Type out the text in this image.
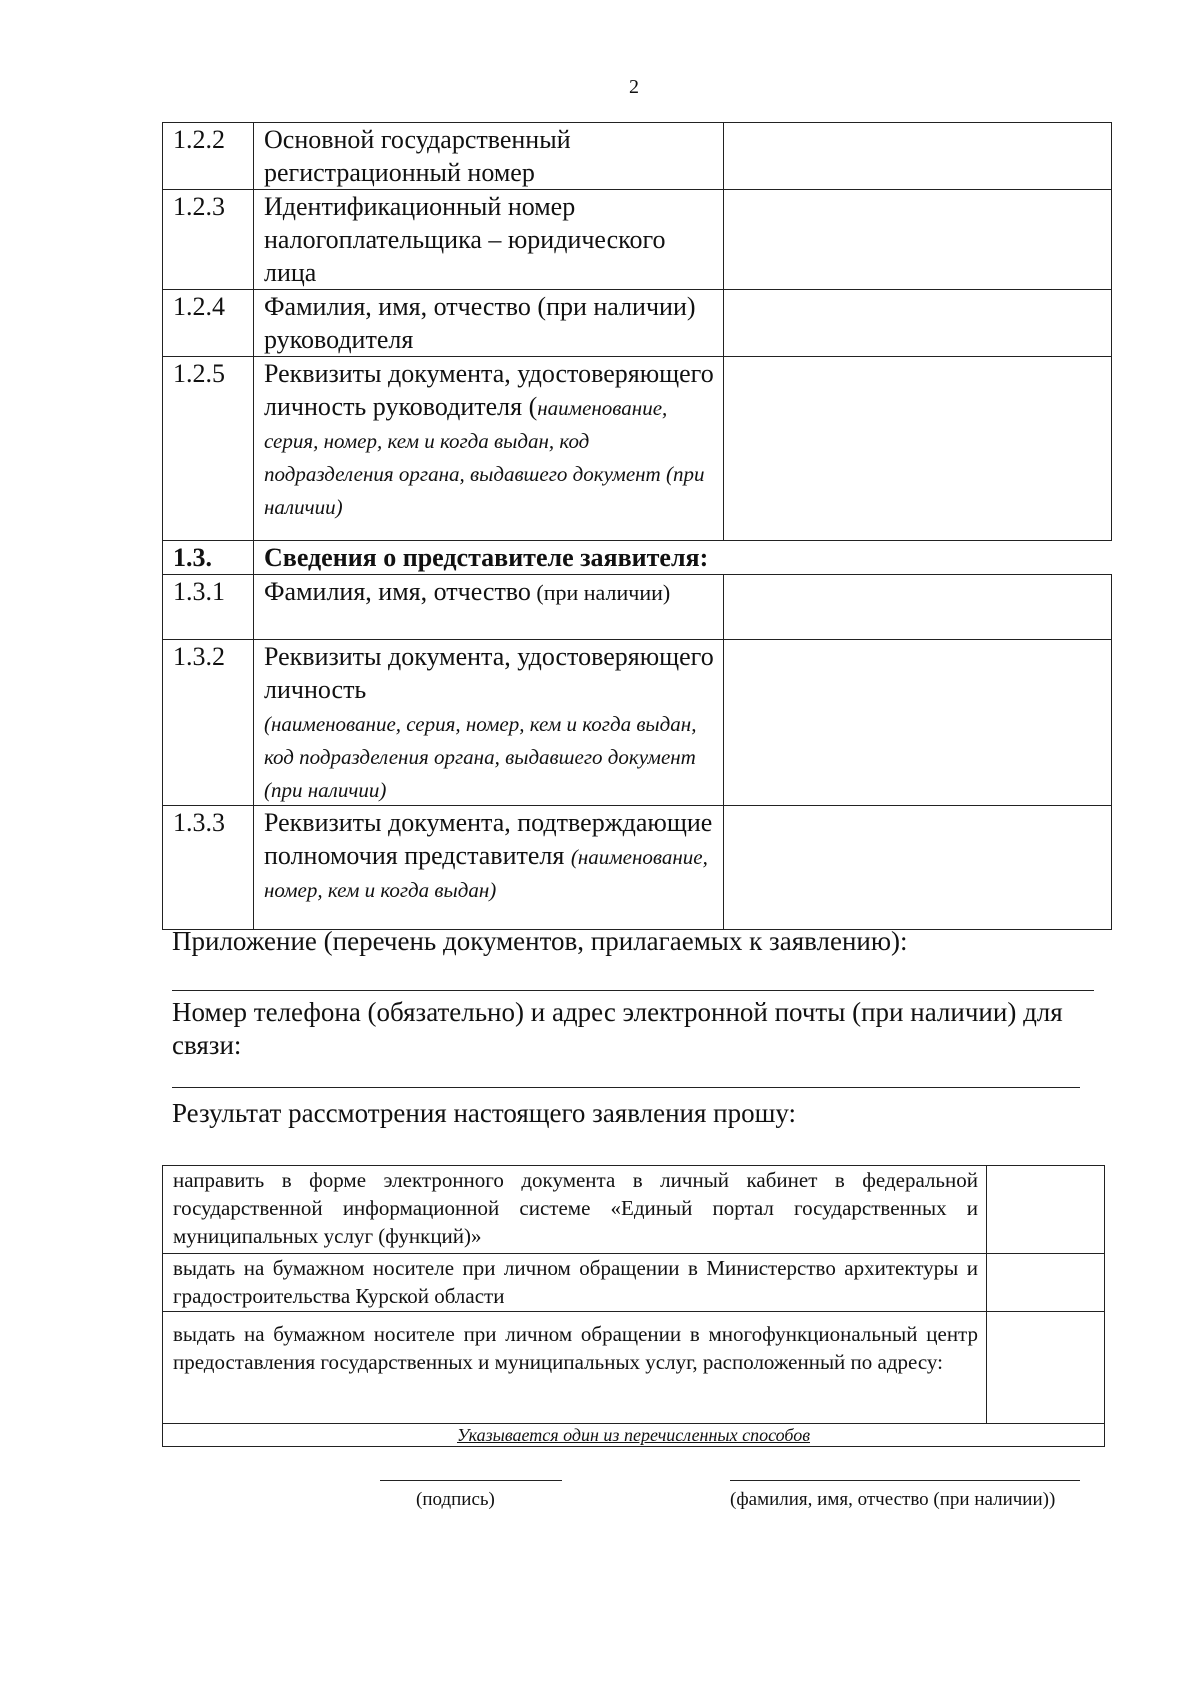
2
1.2.2	Основной государственный регистрационный номер	
1.2.3	Идентификационный номер налогоплательщика – юридического лица	
1.2.4	Фамилия, имя, отчество (при наличии) руководителя	
1.2.5	Реквизиты документа, удостоверяющего личность руководителя (наименование, серия, номер, кем и когда выдан, код подразделения органа, выдавшего документ (при наличии)	
1.3.	Сведения о представителе заявителя:	
1.3.1	Фамилия, имя, отчество (при наличии)	
1.3.2	Реквизиты документа, удостоверяющего личность
(наименование, серия, номер, кем и когда выдан, код подразделения органа, выдавшего документ (при наличии)	
1.3.3	Реквизиты документа, подтверждающие полномочия представителя (наименование, номер, кем и когда выдан)	
Приложение (перечень документов, прилагаемых к заявлению):
Номер телефона (обязательно) и адрес электронной почты (при наличии) для связи:
Результат рассмотрения настоящего заявления прошу:
направить в форме электронного документа в личный кабинет в федеральной государственной информационной системе «Единый портал государственных и муниципальных услуг (функций)»	
выдать на бумажном носителе при личном обращении в Министерство архитектуры и градостроительства Курской области	
выдать на бумажном носителе при личном обращении в многофункциональный центр предоставления государственных и муниципальных услуг, расположенный по адресу:	
Указывается один из перечисленных способов	
(подпись)	(фамилия, имя, отчество (при наличии))
